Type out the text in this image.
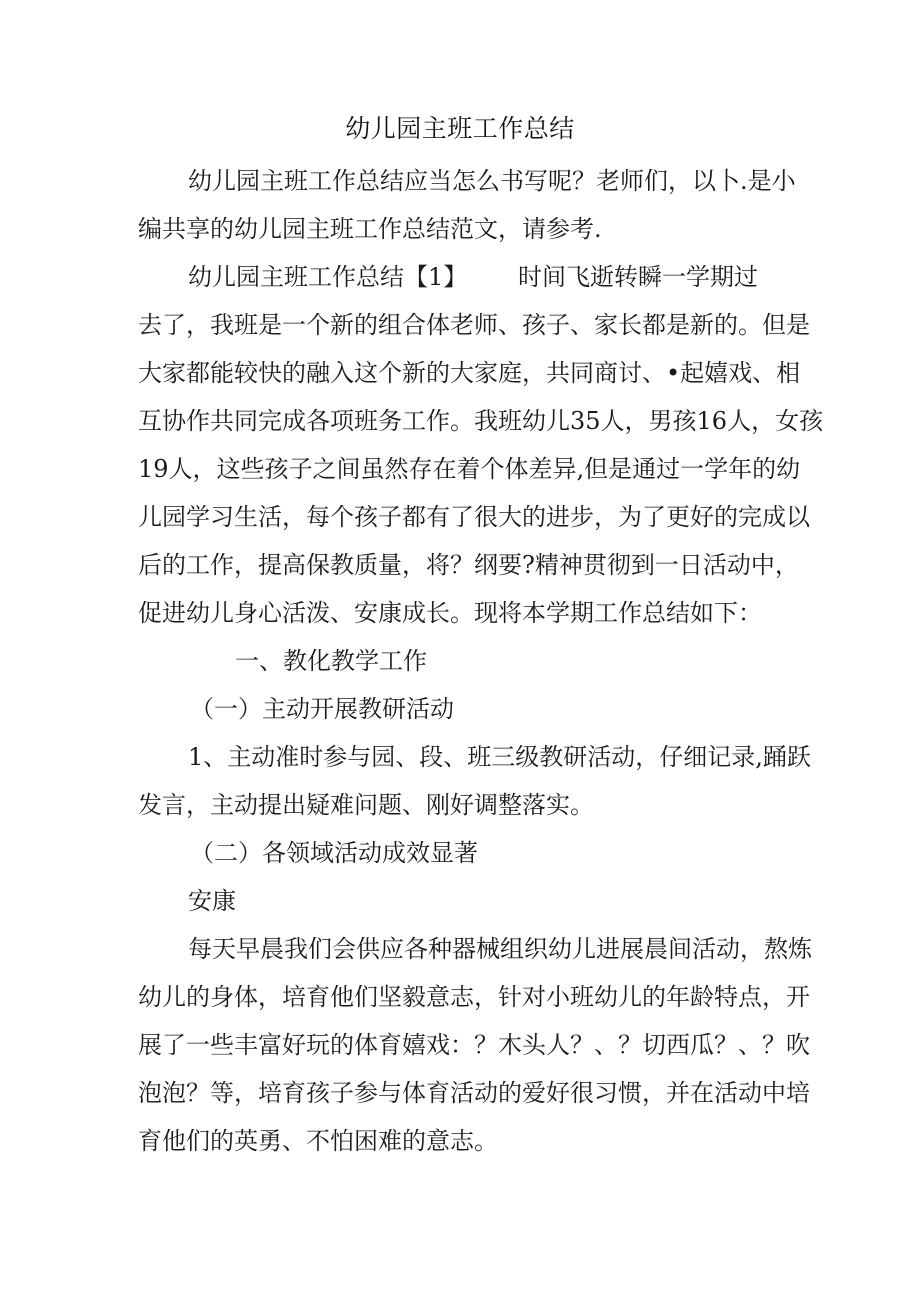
幼儿园主班工作总结
幼儿园主班工作总结应当怎么书写呢？老师们，以卜.是小
编共享的幼儿园主班工作总结范文，请参考.
幼儿园主班工作总结【1】 时间飞逝转瞬一学期过
去了，我班是一个新的组合体老师、孩子、家长都是新的。但是
大家都能较快的融入这个新的大家庭，共同商讨、•起嬉戏、相
互协作共同完成各项班务工作。我班幼儿35人，男孩16人，女孩
19人，这些孩子之间虽然存在着个体差异,但是通过一学年的幼
儿园学习生活，每个孩子都有了很大的进步，为了更好的完成以
后的工作，提高保教质量，将？纲要?精神贯彻到一日活动中，
促进幼儿身心活泼、安康成长。现将本学期工作总结如下：
一、教化教学工作
（一）主动开展教研活动
1、主动准时参与园、段、班三级教研活动，仔细记录,踊跃
发言，主动提出疑难问题、刚好调整落实。
（二）各领域活动成效显著
安康
每天早晨我们会供应各种器械组织幼儿进展晨间活动，熬炼
幼儿的身体，培育他们坚毅意志，针对小班幼儿的年龄特点，开
展了一些丰富好玩的体育嬉戏：？木头人？、？切西瓜？、？吹
泡泡？等，培育孩子参与体育活动的爱好很习惯，并在活动中培
育他们的英勇、不怕困难的意志。
